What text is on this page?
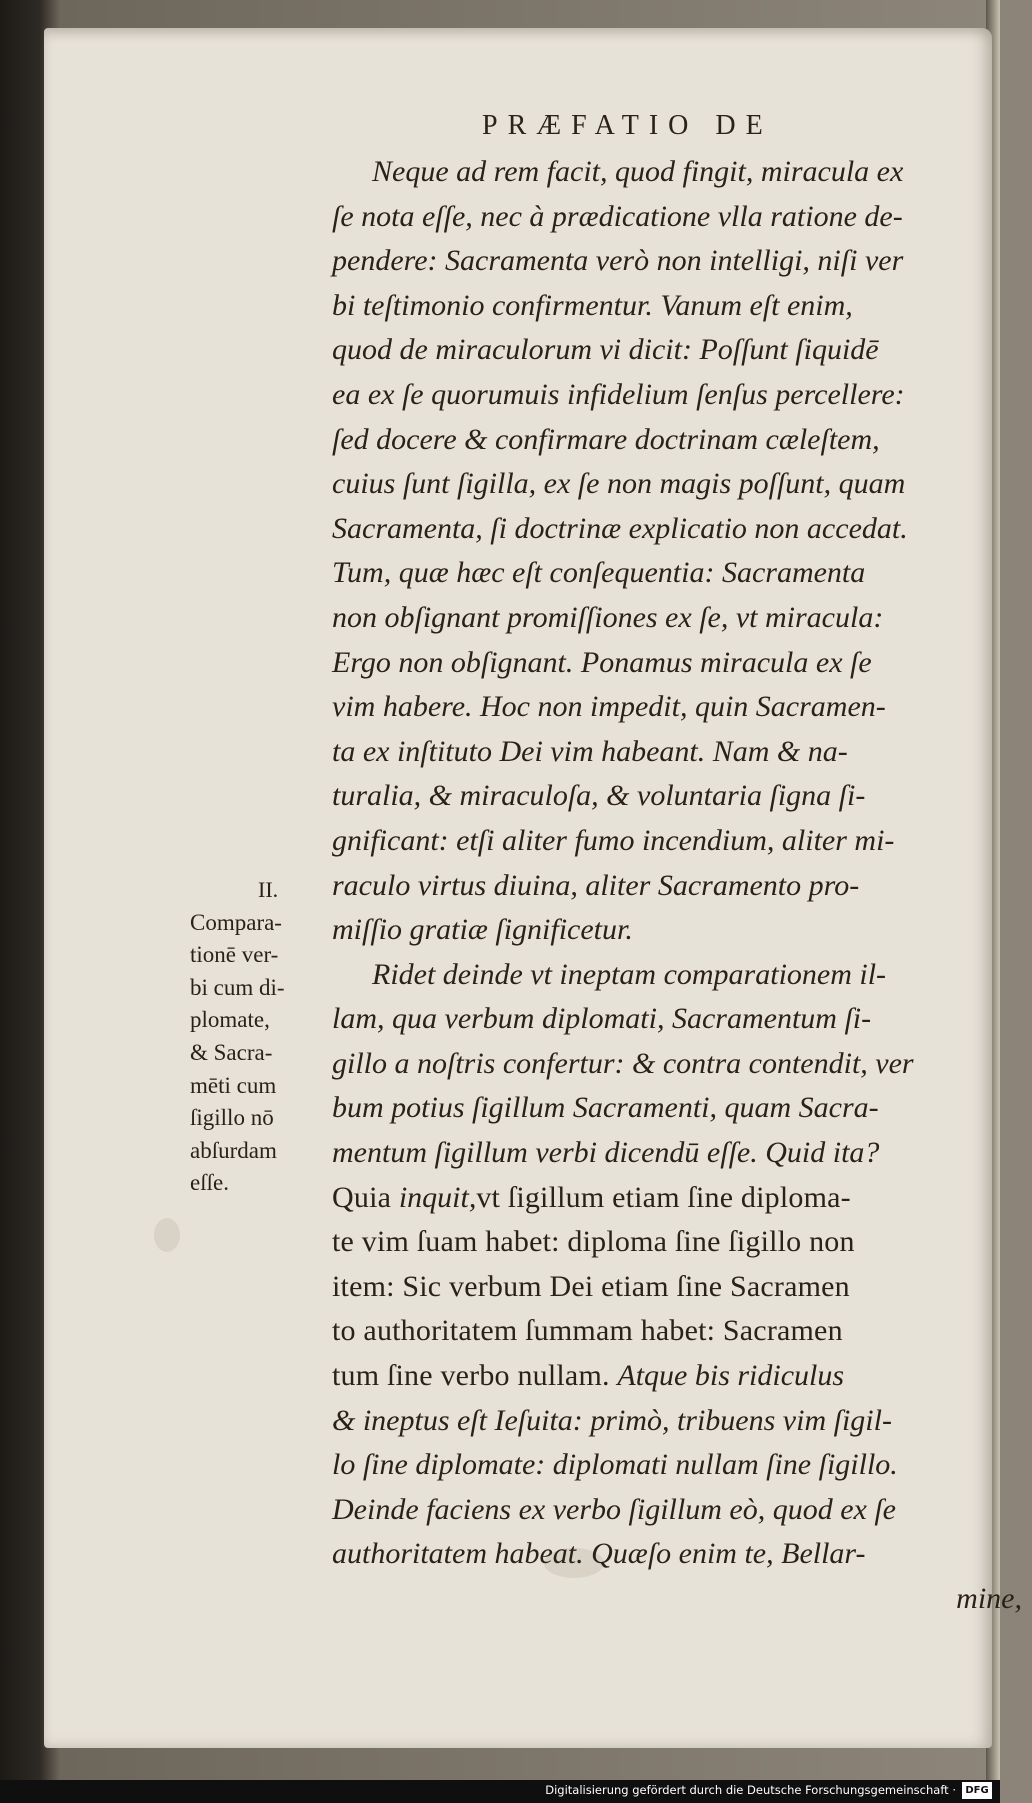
PRÆFATIO DE
Neque ad rem facit, quod fingit, miracula ex
ſe nota eſſe, nec à prædicatione vlla ratione de-
pendere: Sacramenta verò non intelligi, niſi ver
bi teſtimonio confirmentur. Vanum eſt enim,
quod de miraculorum vi dicit: Poſſunt ſiquidē
ea ex ſe quorumuis infidelium ſenſus percellere:
ſed docere & confirmare doctrinam cæleſtem,
cuius ſunt ſigilla, ex ſe non magis poſſunt, quam
Sacramenta, ſi doctrinæ explicatio non accedat.
Tum, quæ hæc eſt conſequentia: Sacramenta
non obſignant promiſſiones ex ſe, vt miracula:
Ergo non obſignant. Ponamus miracula ex ſe
vim habere. Hoc non impedit, quin Sacramen-
ta ex inſtituto Dei vim habeant. Nam & na-
turalia, & miraculoſa, & voluntaria ſigna ſi-
gnificant: etſi aliter fumo incendium, aliter mi-
raculo virtus diuina, aliter Sacramento pro-
miſſio gratiæ ſignificetur.
Ridet deinde vt ineptam comparationem il-
lam, qua verbum diplomati, Sacramentum ſi-
gillo a noſtris confertur: & contra contendit, ver
bum potius ſigillum Sacramenti, quam Sacra-
mentum ſigillum verbi dicendū eſſe. Quid ita?
Quia inquit,vt ſigillum etiam ſine diploma-
te vim ſuam habet: diploma ſine ſigillo non
item: Sic verbum Dei etiam ſine Sacramen
to authoritatem ſummam habet: Sacramen
tum ſine verbo nullam. Atque bis ridiculus
& ineptus eſt Ieſuita: primò, tribuens vim ſigil-
lo ſine diplomate: diplomati nullam ſine ſigillo.
Deinde faciens ex verbo ſigillum eò, quod ex ſe
authoritatem habeat. Quæſo enim te, Bellar-
mine,
II.
Compara-
tionē ver-
bi cum di-
plomate,
& Sacra-
mēti cum
ſigillo nō
abſurdam
eſſe.
Digitalisierung gefördert durch die Deutsche Forschungsgemeinschaft · DFG
